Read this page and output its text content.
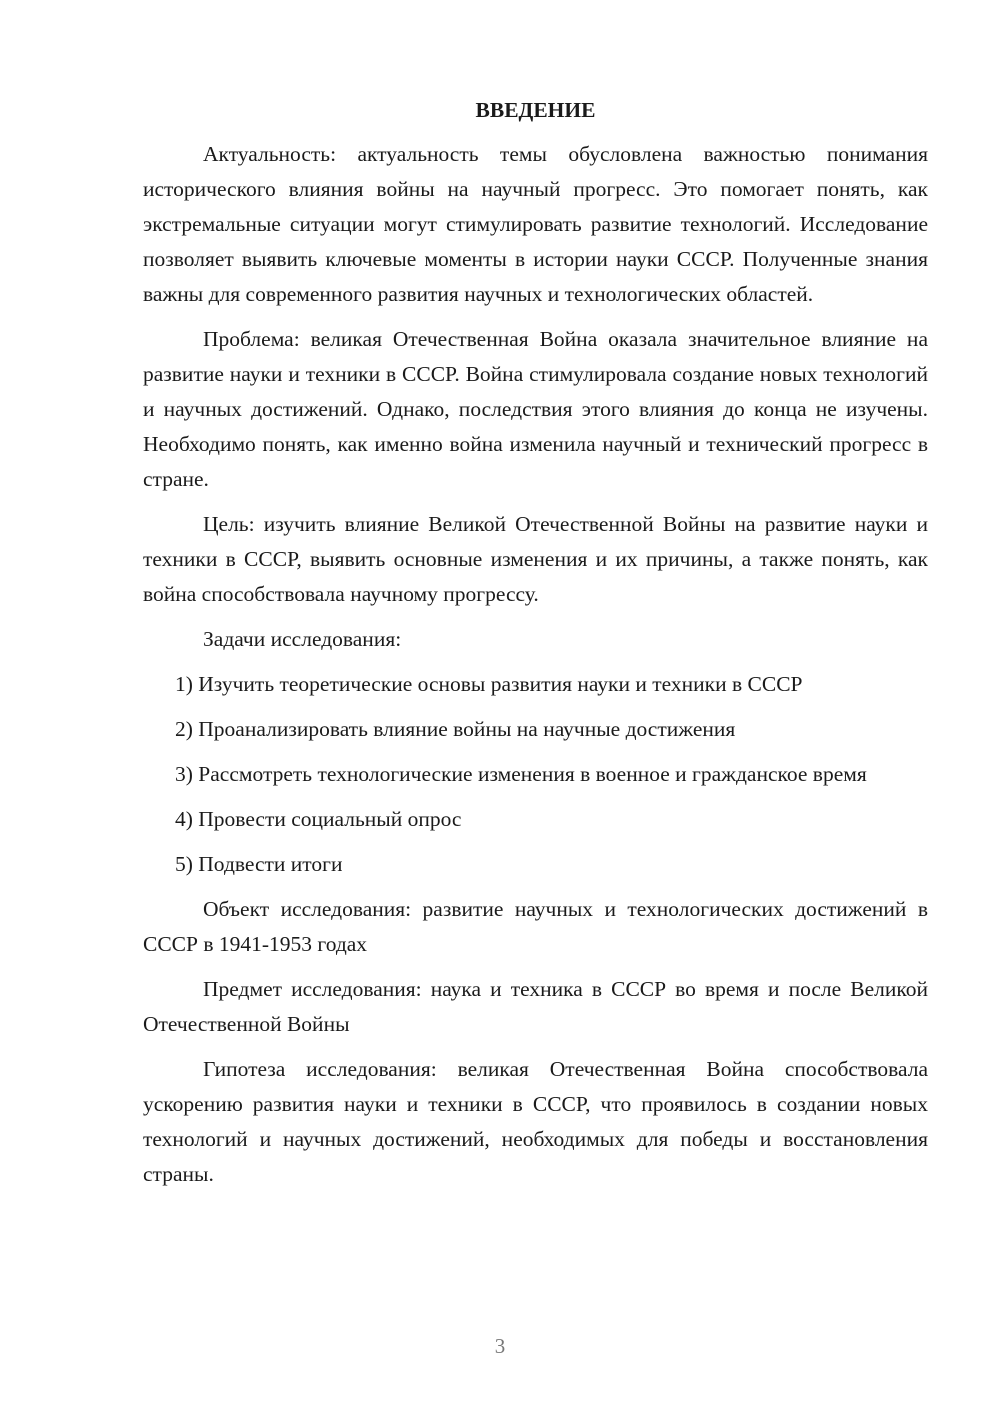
ВВЕДЕНИЕ

Актуальность: актуальность темы обусловлена важностью понимания исторического влияния войны на научный прогресс. Это помогает понять, как экстремальные ситуации могут стимулировать развитие технологий. Исследование позволяет выявить ключевые моменты в истории науки СССР. Полученные знания важны для современного развития научных и технологических областей.

Проблема: великая Отечественная Война оказала значительное влияние на развитие науки и техники в СССР. Война стимулировала создание новых технологий и научных достижений. Однако, последствия этого влияния до конца не изучены. Необходимо понять, как именно война изменила научный и технический прогресс в стране.

Цель: изучить влияние Великой Отечественной Войны на развитие науки и техники в СССР, выявить основные изменения и их причины, а также понять, как война способствовала научному прогрессу.

Задачи исследования:

1) Изучить теоретические основы развития науки и техники в СССР

2) Проанализировать влияние войны на научные достижения

3) Рассмотреть технологические изменения в военное и гражданское время

4) Провести социальный опрос

5) Подвести итоги

Объект исследования: развитие научных и технологических достижений в СССР в 1941-1953 годах

Предмет исследования: наука и техника в СССР во время и после Великой Отечественной Войны

Гипотеза исследования: великая Отечественная Война способствовала ускорению развития науки и техники в СССР, что проявилось в создании новых технологий и научных достижений, необходимых для победы и восстановления страны.

3
